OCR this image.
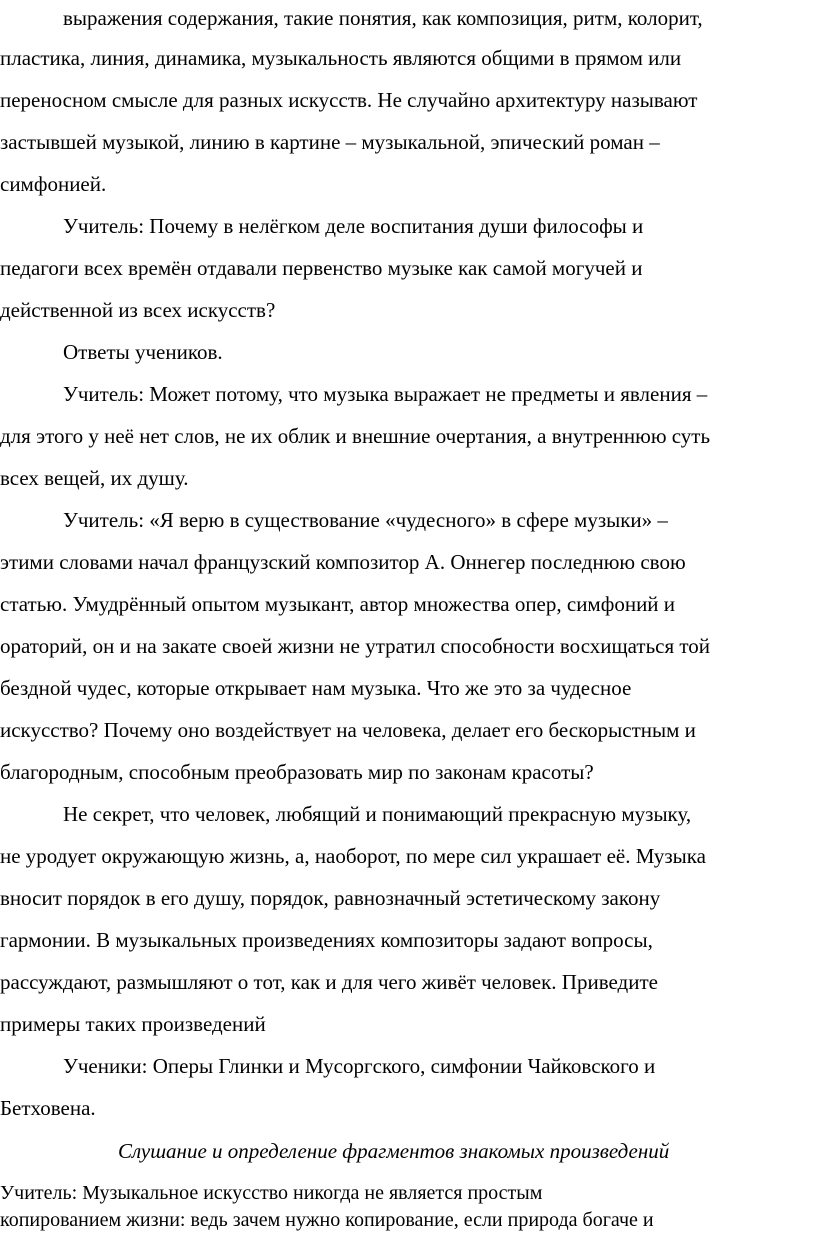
выражения содержания, такие понятия, как композиция, ритм, колорит,
пластика, линия, динамика, музыкальность являются общими в прямом или
переносном смысле для разных искусств. Не случайно архитектуру называют
застывшей музыкой, линию в картине – музыкальной, эпический роман –
симфонией.
Учитель: Почему в нелёгком деле воспитания души философы и
педагоги всех времён отдавали первенство музыке как самой могучей и
действенной из всех искусств?
Ответы учеников.
Учитель: Может потому, что музыка выражает не предметы и явления –
для этого у неё нет слов, не их облик и внешние очертания, а внутреннюю суть
всех вещей, их душу.
Учитель: «Я верю в существование «чудесного» в сфере музыки» –
этими словами начал французский композитор А. Оннегер последнюю свою
статью. Умудрённый опытом музыкант, автор множества опер, симфоний и
ораторий, он и на закате своей жизни не утратил способности восхищаться той
бездной чудес, которые открывает нам музыка. Что же это за чудесное
искусство? Почему оно воздействует на человека, делает его бескорыстным и
благородным, способным преобразовать мир по законам красоты?
Не секрет, что человек, любящий и понимающий прекрасную музыку,
не уродует окружающую жизнь, а, наоборот, по мере сил украшает её. Музыка
вносит порядок в его душу, порядок, равнозначный эстетическому закону
гармонии. В музыкальных произведениях композиторы задают вопросы,
рассуждают, размышляют о тот, как и для чего живёт человек. Приведите
примеры таких произведений
Ученики: Оперы Глинки и Мусоргского, симфонии Чайковского и
Бетховена.
Слушание и определение фрагментов знакомых произведений
Учитель: Музыкальное искусство никогда не является простым
копированием жизни: ведь зачем нужно копирование, если природа богаче и
